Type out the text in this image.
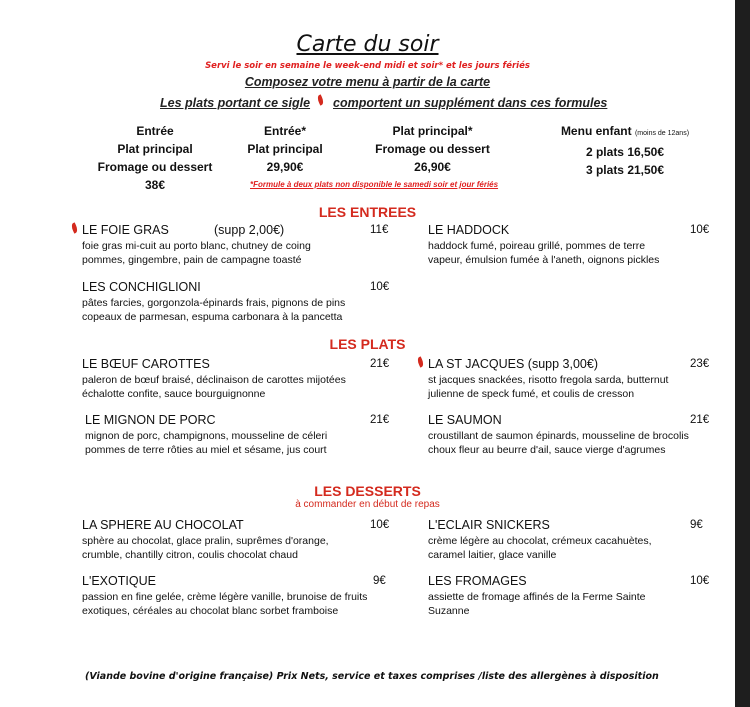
Carte du soir
Servi le soir en semaine le week-end midi et soir* et les jours fériés
Composez votre menu à partir de la carte
Les plats portant ce sigle comportent un supplément dans ces formules
Entrée
Plat principal
Fromage ou dessert
38€
Entrée*
Plat principal
29,90€
Plat principal*
Fromage ou dessert
26,90€
Menu enfant (moins de 12ans)
2 plats 16,50€
3 plats 21,50€
*Formule à deux plats non disponible le samedi soir et jour fériés
LES ENTREES
LES PLATS
LES DESSERTS
à commander en début de repas
LE FOIE GRAS	(supp 2,00€)	11€
foie gras mi-cuit au porto blanc, chutney de coing
pommes, gingembre, pain de campagne toasté
LE HADDOCK	10€
haddock fumé, poireau grillé, pommes de terre
vapeur, émulsion fumée à l'aneth, oignons pickles
LES CONCHIGLIONI	10€
pâtes farcies, gorgonzola-épinards frais, pignons de pins
copeaux de parmesan, espuma carbonara à la pancetta
LE BŒUF CAROTTES	21€
paleron de bœuf braisé, déclinaison de carottes mijotées
échalotte confite, sauce bourguignonne
LA ST JACQUES (supp 3,00€)	23€
st jacques snackées, risotto fregola sarda, butternut
julienne de speck fumé, et coulis de cresson
LE MIGNON DE PORC	21€
mignon de porc, champignons, mousseline de céleri
pommes de terre rôties au miel et sésame, jus court
LE SAUMON	21€
croustillant de saumon épinards, mousseline de brocolis
choux fleur au beurre d'ail, sauce vierge d'agrumes
LA SPHERE AU CHOCOLAT	10€
sphère au chocolat, glace pralin, suprêmes d'orange,
crumble, chantilly citron, coulis chocolat chaud
L'ECLAIR SNICKERS	9€
crème légère au chocolat, crémeux cacahuètes,
caramel laitier, glace vanille
L'EXOTIQUE	9€
passion en fine gelée, crème légère vanille, brunoise de fruits
exotiques, céréales au chocolat blanc sorbet framboise
LES FROMAGES	10€
assiette de fromage affinés de la Ferme Sainte
Suzanne
(Viande bovine d'origine française) Prix Nets, service et taxes comprises /liste des allergènes à disposition
